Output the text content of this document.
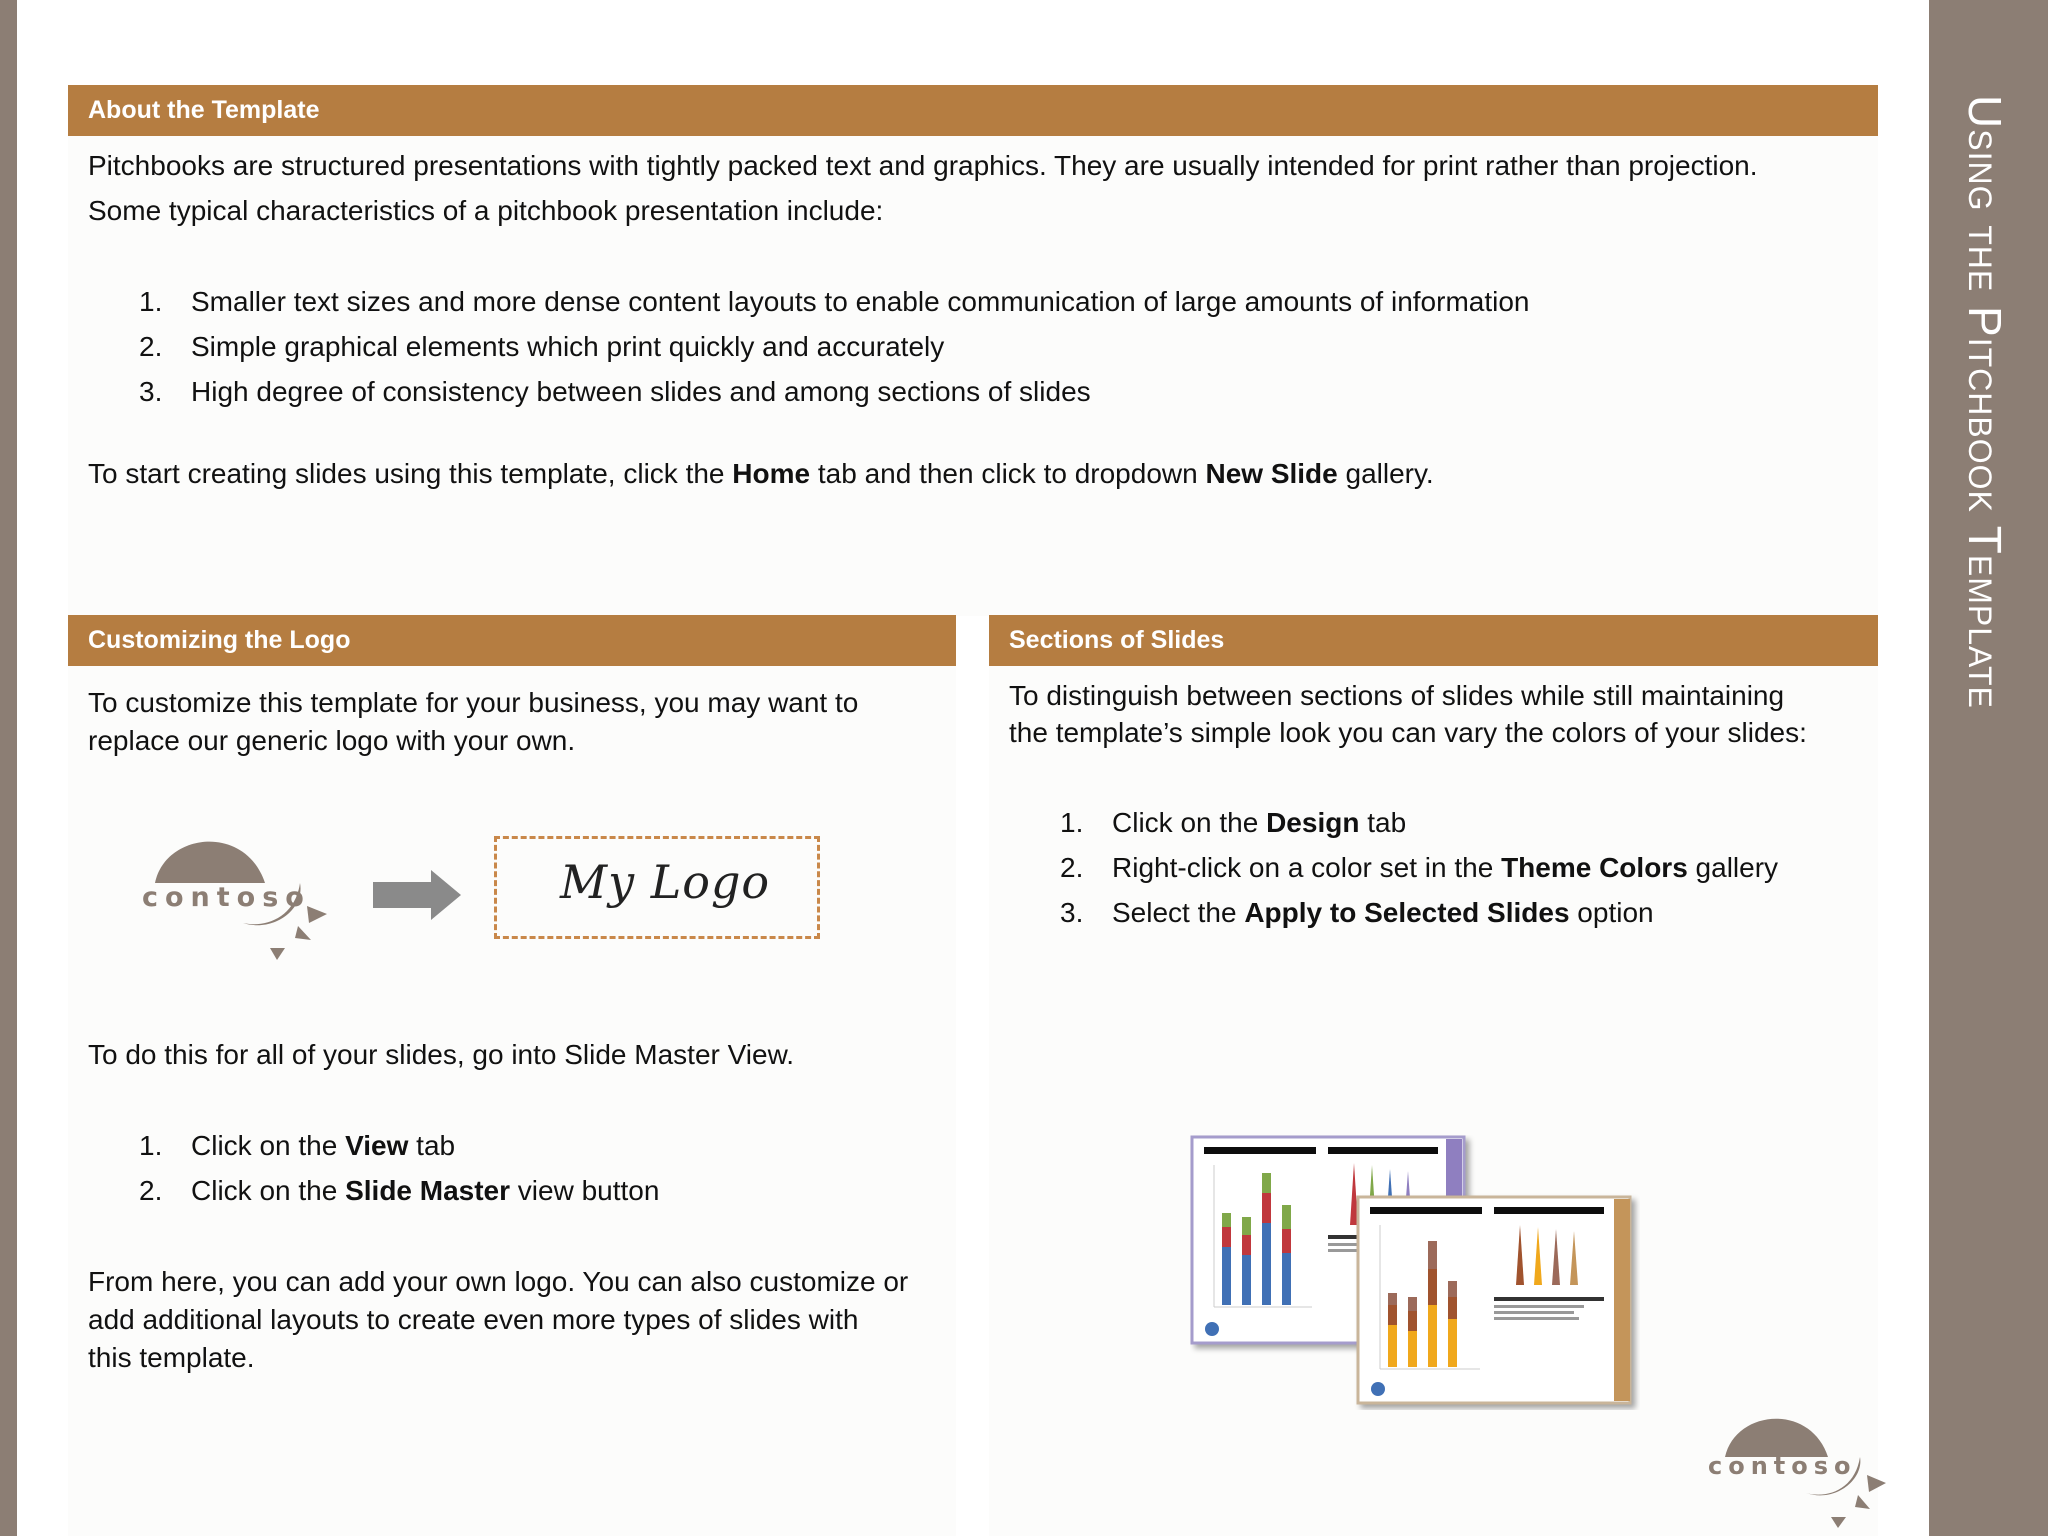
Using the Pitchbook Template
About the Template
Pitchbooks are structured presentations with tightly packed text and graphics. They are usually intended for print rather than projection.
Some typical characteristics of a pitchbook presentation include:
1.	Smaller text sizes and more dense content layouts to enable communication of large amounts of information
2.	Simple graphical elements which print quickly and accurately
3.	High degree of consistency between slides and among sections of slides
To start creating slides using this template, click the Home tab and then click to dropdown New Slide gallery.
Customizing the Logo
To customize this template for your business, you may want to
replace our generic logo with your own.
contoso	My Logo
To do this for all of your slides, go into Slide Master View.
1.	Click on the View tab
2.	Click on the Slide Master view button
From here, you can add your own logo. You can also customize or
add additional layouts to create even more types of slides with
this template.
Sections of Slides
To distinguish between sections of slides while still maintaining
the template’s simple look you can vary the colors of your slides:
1.	Click on the Design tab
2.	Right-click on a color set in the Theme Colors gallery
3.	Select the Apply to Selected Slides option
contoso
